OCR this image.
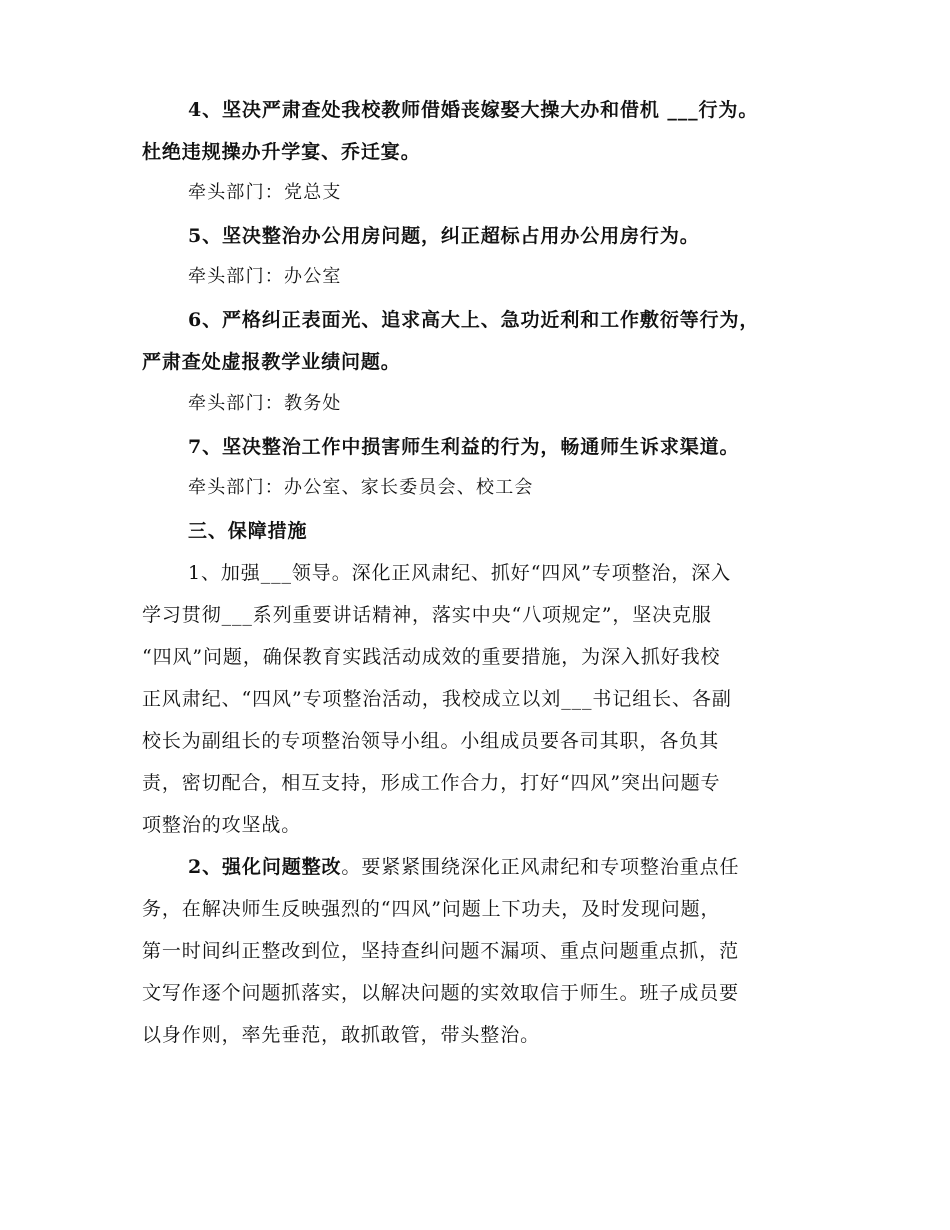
4、坚决严肃查处我校教师借婚丧嫁娶大操大办和借机 ___行为。
杜绝违规操办升学宴、乔迁宴。
牵头部门：党总支
5、坚决整治办公用房问题，纠正超标占用办公用房行为。
牵头部门：办公室
6、严格纠正表面光、追求高大上、急功近利和工作敷衍等行为，
严肃查处虚报教学业绩问题。
牵头部门：教务处
7、坚决整治工作中损害师生利益的行为，畅通师生诉求渠道。
牵头部门：办公室、家长委员会、校工会
三、保障措施
1、加强___领导。深化正风肃纪、抓好“四风”专项整治，深入
学习贯彻___系列重要讲话精神，落实中央“八项规定”，坚决克服
“四风”问题，确保教育实践活动成效的重要措施，为深入抓好我校
正风肃纪、“四风”专项整治活动，我校成立以刘___书记组长、各副
校长为副组长的专项整治领导小组。小组成员要各司其职，各负其
责，密切配合，相互支持，形成工作合力，打好“四风”突出问题专
项整治的攻坚战。
2、强化问题整改。要紧紧围绕深化正风肃纪和专项整治重点任
务，在解决师生反映强烈的“四风”问题上下功夫，及时发现问题，
第一时间纠正整改到位，坚持查纠问题不漏项、重点问题重点抓，范
文写作逐个问题抓落实，以解决问题的实效取信于师生。班子成员要
以身作则，率先垂范，敢抓敢管，带头整治。
